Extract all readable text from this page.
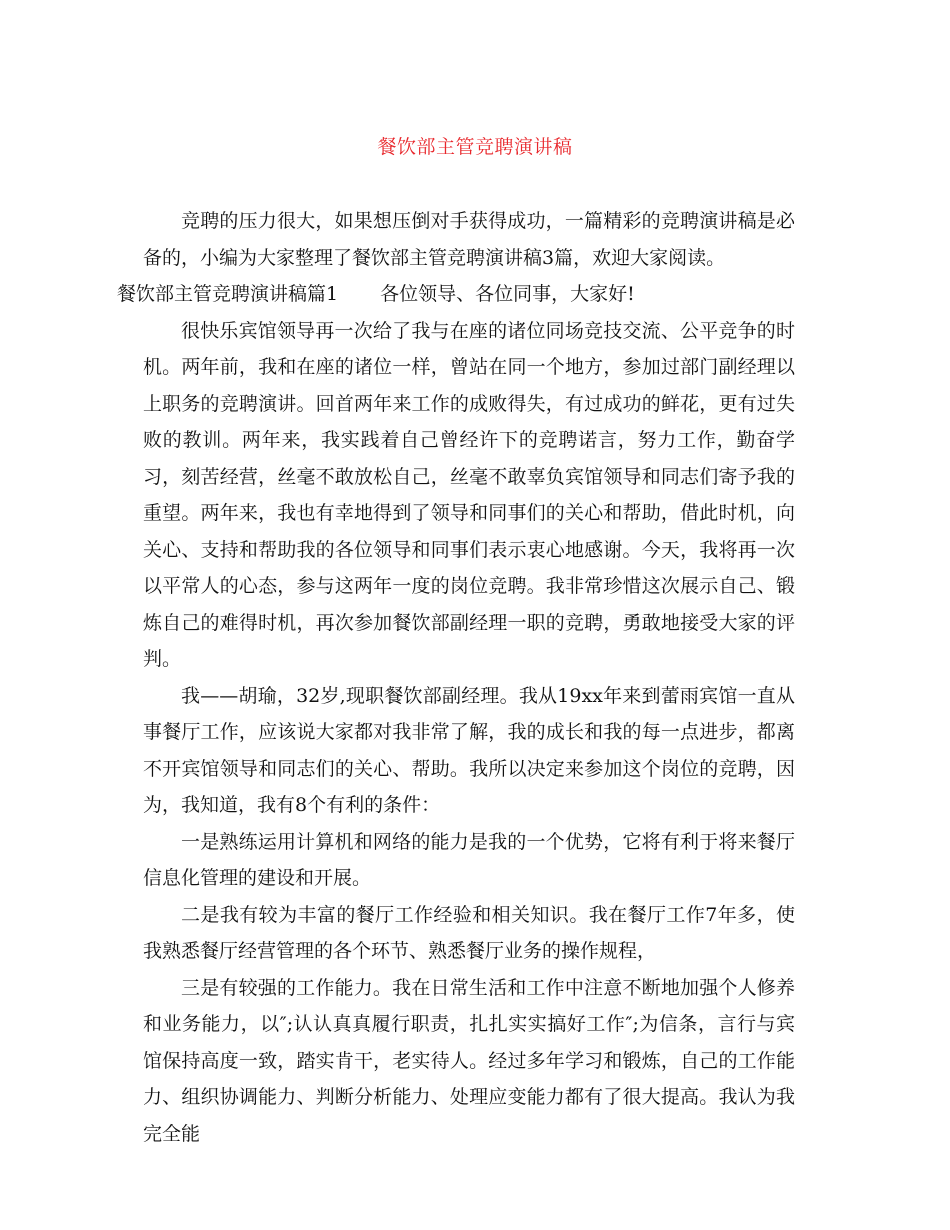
餐饮部主管竞聘演讲稿

竞聘的压力很大，如果想压倒对手获得成功，一篇精彩的竞聘演讲稿是必备的，小编为大家整理了餐饮部主管竞聘演讲稿3篇，欢迎大家阅读。

餐饮部主管竞聘演讲稿篇1 各位领导、各位同事，大家好!

很快乐宾馆领导再一次给了我与在座的诸位同场竞技交流、公平竞争的时机。两年前，我和在座的诸位一样，曾站在同一个地方，参加过部门副经理以上职务的竞聘演讲。回首两年来工作的成败得失，有过成功的鲜花，更有过失败的教训。两年来，我实践着自己曾经许下的竞聘诺言，努力工作，勤奋学习，刻苦经营，丝毫不敢放松自己，丝毫不敢辜负宾馆领导和同志们寄予我的重望。两年来，我也有幸地得到了领导和同事们的关心和帮助，借此时机，向关心、支持和帮助我的各位领导和同事们表示衷心地感谢。今天，我将再一次以平常人的心态，参与这两年一度的岗位竞聘。我非常珍惜这次展示自己、锻炼自己的难得时机，再次参加餐饮部副经理一职的竞聘，勇敢地接受大家的评判。

我——胡瑜，32岁,现职餐饮部副经理。我从19xx年来到蕾雨宾馆一直从事餐厅工作，应该说大家都对我非常了解，我的成长和我的每一点进步，都离不开宾馆领导和同志们的关心、帮助。我所以决定来参加这个岗位的竞聘，因为，我知道，我有8个有利的条件：

一是熟练运用计算机和网络的能力是我的一个优势，它将有利于将来餐厅信息化管理的建设和开展。

二是我有较为丰富的餐厅工作经验和相关知识。我在餐厅工作7年多，使我熟悉餐厅经营管理的各个环节、熟悉餐厅业务的操作规程，

三是有较强的工作能力。我在日常生活和工作中注意不断地加强个人修养和业务能力，以″;认认真真履行职责，扎扎实实搞好工作″;为信条，言行与宾馆保持高度一致，踏实肯干，老实待人。经过多年学习和锻炼，自己的工作能力、组织协调能力、判断分析能力、处理应变能力都有了很大提高。我认为我完全能
